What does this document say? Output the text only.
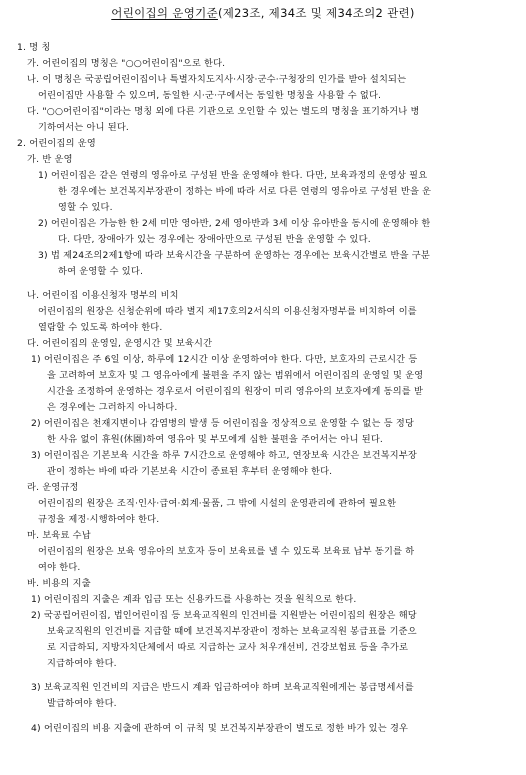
어린이집의 운영기준(제23조, 제34조 및 제34조의2 관련)
1. 명 칭
가. 어린이집의 명칭은 "○○어린이집"으로 한다.
나. 이 명칭은 국공립어린이집이나 특별자치도지사·시장·군수·구청장의 인가를 받아 설치되는
어린이집만 사용할 수 있으며, 동일한 시·군·구에서는 동일한 명칭을 사용할 수 없다.
다. "○○어린이집"이라는 명칭 외에 다른 기관으로 오인할 수 있는 별도의 명칭을 표기하거나 병
기하여서는 아니 된다.
2. 어린이집의 운영
가. 반 운영
1) 어린이집은 같은 연령의 영유아로 구성된 반을 운영해야 한다. 다만, 보육과정의 운영상 필요
한 경우에는 보건복지부장관이 정하는 바에 따라 서로 다른 연령의 영유아로 구성된 반을 운
영할 수 있다.
2) 어린이집은 가능한 한 2세 미만 영아반, 2세 영아반과 3세 이상 유아반을 동시에 운영해야 한
다. 다만, 장애아가 있는 경우에는 장애아만으로 구성된 반을 운영할 수 있다.
3) 법 제24조의2제1항에 따라 보육시간을 구분하여 운영하는 경우에는 보육시간별로 반을 구분
하여 운영할 수 있다.
나. 어린이집 이용신청자 명부의 비치
어린이집의 원장은 신청순위에 따라 별지 제17호의2서식의 이용신청자명부를 비치하여 이를
열람할 수 있도록 하여야 한다.
다. 어린이집의 운영일, 운영시간 및 보육시간
1) 어린이집은 주 6일 이상, 하루에 12시간 이상 운영하여야 한다. 다만, 보호자의 근로시간 등
을 고려하여 보호자 및 그 영유아에게 불편을 주지 않는 범위에서 어린이집의 운영일 및 운영
시간을 조정하여 운영하는 경우로서 어린이집의 원장이 미리 영유아의 보호자에게 동의를 받
은 경우에는 그러하지 아니하다.
2) 어린이집은 천재지변이나 감염병의 발생 등 어린이집을 정상적으로 운영할 수 없는 등 정당
한 사유 없이 휴원(休園)하여 영유아 및 부모에게 심한 불편을 주어서는 아니 된다.
3) 어린이집은 기본보육 시간을 하루 7시간으로 운영해야 하고, 연장보육 시간은 보건복지부장
관이 정하는 바에 따라 기본보육 시간이 종료된 후부터 운영해야 한다.
라. 운영규정
어린이집의 원장은 조직·인사·급여·회계·물품, 그 밖에 시설의 운영관리에 관하여 필요한
규정을 제정·시행하여야 한다.
마. 보육료 수납
어린이집의 원장은 보육 영유아의 보호자 등이 보육료를 낼 수 있도록 보육료 납부 동기를 하
여야 한다.
바. 비용의 지출
1) 어린이집의 지출은 계좌 입금 또는 신용카드를 사용하는 것을 원칙으로 한다.
2) 국공립어린이집, 법인어린이집 등 보육교직원의 인건비를 지원받는 어린이집의 원장은 해당
보육교직원의 인건비를 지급할 때에 보건복지부장관이 정하는 보육교직원 봉급표를 기준으
로 지급하되, 지방자치단체에서 따로 지급하는 교사 처우개선비, 건강보험료 등을 추가로
지급하여야 한다.
3) 보육교직원 인건비의 지급은 반드시 계좌 입금하여야 하며 보육교직원에게는 봉급명세서를
발급하여야 한다.
4) 어린이집의 비용 지출에 관하여 이 규칙 및 보건복지부장관이 별도로 정한 바가 있는 경우
